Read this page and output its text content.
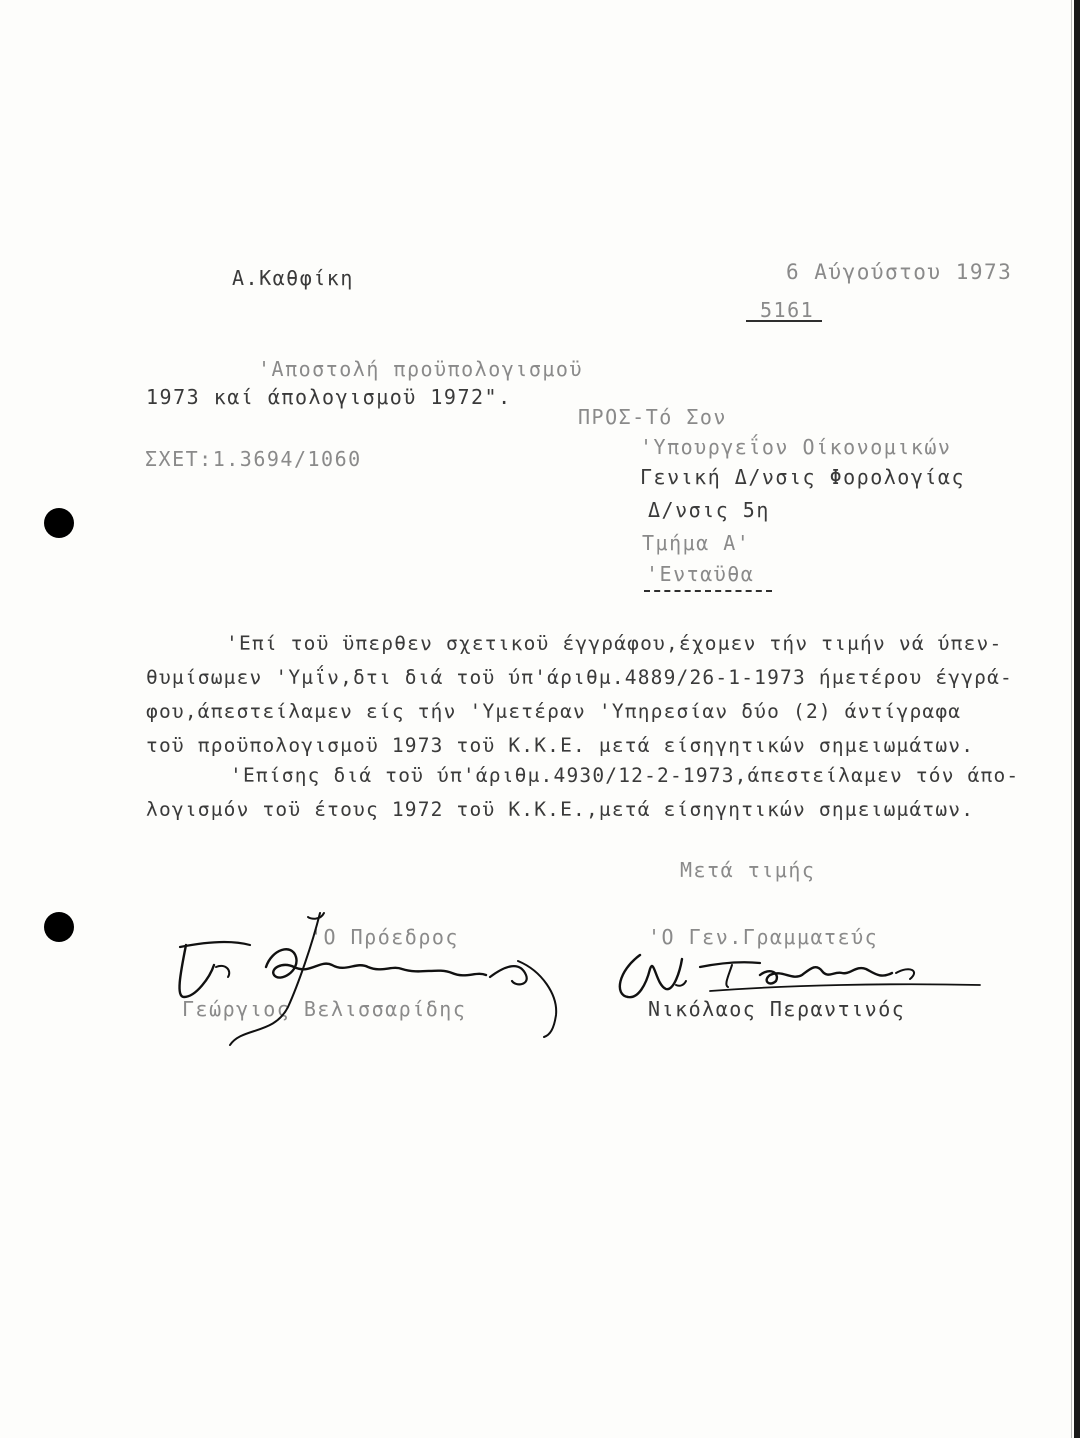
Α.Καθφίκη	6 Αύγούστου 1973
5161
'Αποστολή προϋπολογισμοϋ
1973 καί άπολογισμοϋ 1972".
ΣΧΕΤ:1.3694/1060
ΠΡΟΣ-Τό Σον
'Υπουργεΐον Οίκονομικών
Γενική Δ/νσις Φορολογίας
Δ/νσις 5η
Τμήμα Α'
'Ενταϋθα
'Επί τοϋ ϋπερθεν σχετικοϋ έγγράφου,έχομεν τήν τιμήν νά ύπεν-
θυμίσωμεν 'Υμΐν,δτι διά τοϋ ύπ'άριθμ.4889/26-1-1973 ήμετέρου έγγρά-
φου,άπεστείλαμεν είς τήν 'Υμετέραν 'Υπηρεσίαν δύο (2) άντίγραφα
τοϋ προϋπολογισμοϋ 1973 τοϋ Κ.Κ.Ε. μετά είσηγητικών σημειωμάτων.
'Επίσης διά τοϋ ύπ'άριθμ.4930/12-2-1973,άπεστείλαμεν τόν άπο-
λογισμόν τοϋ έτους 1972 τοϋ Κ.Κ.Ε.,μετά είσηγητικών σημειωμάτων.
Μετά τιμής
'Ο Πρόεδρος
Γεώργιος Βελισσαρίδης
'Ο Γεν.Γραμματεύς
Νικόλαος Περαντινός
